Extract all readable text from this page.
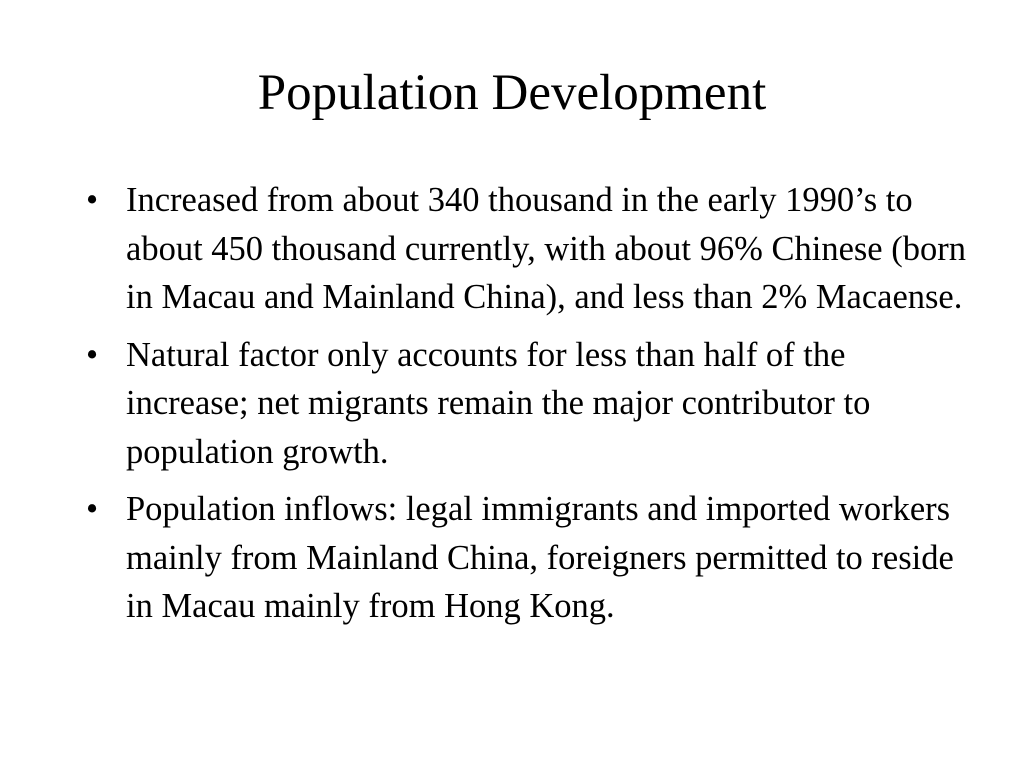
Population Development
• Increased from about 340 thousand in the early 1990’s to about 450 thousand currently, with about 96% Chinese (born in Macau and Mainland China), and less than 2% Macaense.
• Natural factor only accounts for less than half of the increase; net migrants remain the major contributor to population growth.
• Population inflows: legal immigrants and imported workers mainly from Mainland China, foreigners permitted to reside in Macau mainly from Hong Kong.
